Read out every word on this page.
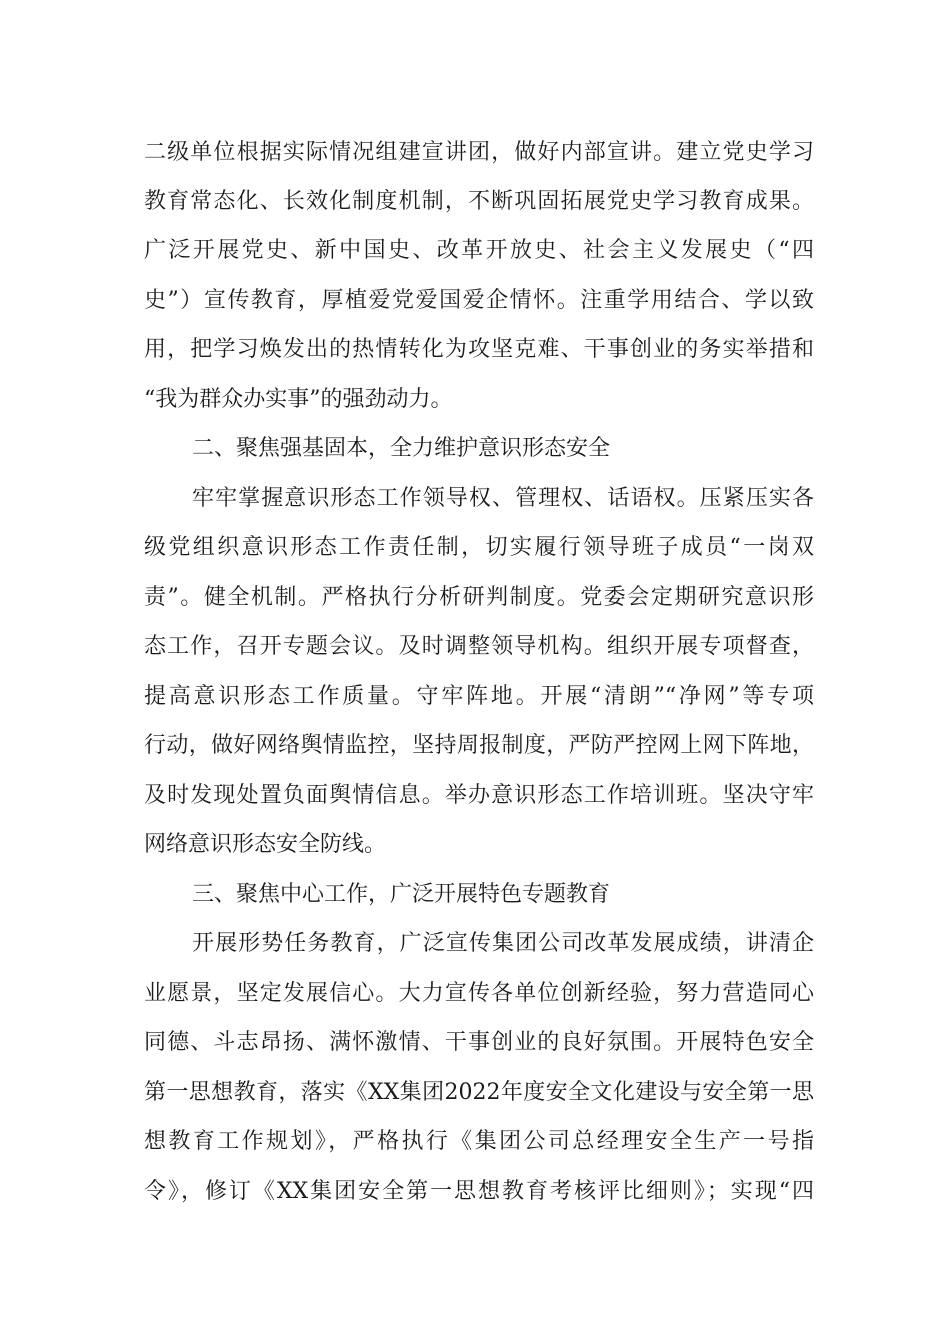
二级单位根据实际情况组建宣讲团，做好内部宣讲。建立党史学习
教育常态化、长效化制度机制，不断巩固拓展党史学习教育成果。
广泛开展党史、新中国史、改革开放史、社会主义发展史（“四
史”）宣传教育，厚植爱党爱国爱企情怀。注重学用结合、学以致
用，把学习焕发出的热情转化为攻坚克难、干事创业的务实举措和
“我为群众办实事”的强劲动力。
二、聚焦强基固本，全力维护意识形态安全
牢牢掌握意识形态工作领导权、管理权、话语权。压紧压实各
级党组织意识形态工作责任制，切实履行领导班子成员“一岗双
责”。健全机制。严格执行分析研判制度。党委会定期研究意识形
态工作，召开专题会议。及时调整领导机构。组织开展专项督查，
提高意识形态工作质量。守牢阵地。开展“清朗”“净网”等专项
行动，做好网络舆情监控，坚持周报制度，严防严控网上网下阵地，
及时发现处置负面舆情信息。举办意识形态工作培训班。坚决守牢
网络意识形态安全防线。
三、聚焦中心工作，广泛开展特色专题教育
开展形势任务教育，广泛宣传集团公司改革发展成绩，讲清企
业愿景，坚定发展信心。大力宣传各单位创新经验，努力营造同心
同德、斗志昂扬、满怀激情、干事创业的良好氛围。开展特色安全
第一思想教育，落实《XX集团2022年度安全文化建设与安全第一思
想教育工作规划》，严格执行《集团公司总经理安全生产一号指
令》，修订《XX集团安全第一思想教育考核评比细则》；实现“四
